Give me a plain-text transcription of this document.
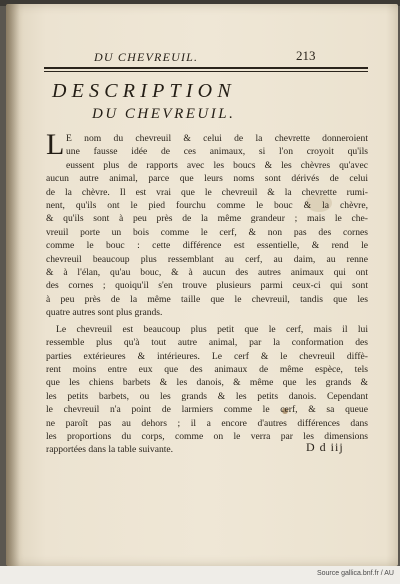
DU CHEVREUIL.	213
DESCRIPTION
DU CHEVREUIL.
L E nom du chevreuil & celui de la chevrette donneroient
une fausse idée de ces animaux, si l'on croyoit qu'ils
eussent plus de rapports avec les boucs & les chèvres qu'avec
aucun autre animal, parce que leurs noms sont dérivés de celui
de la chèvre. Il est vrai que le chevreuil & la chevrette rumi-
nent, qu'ils ont le pied fourchu comme le bouc & la chèvre,
& qu'ils sont à peu près de la même grandeur ; mais le che-
vreuil porte un bois comme le cerf, & non pas des cornes
comme le bouc : cette différence est essentielle, & rend le
chevreuil beaucoup plus ressemblant au cerf, au daim, au renne
& à l'élan, qu'au bouc, & à aucun des autres animaux qui ont
des cornes ; quoiqu'il s'en trouve plusieurs parmi ceux-ci qui sont
à peu près de la même taille que le chevreuil, tandis que les
quatre autres sont plus grands.
Le chevreuil est beaucoup plus petit que le cerf, mais il lui
ressemble plus qu'à tout autre animal, par la conformation des
parties extérieures & intérieures. Le cerf & le chevreuil diffè-
rent moins entre eux que des animaux de même espèce, tels
que les chiens barbets & les danois, & même que les grands &
les petits barbets, ou les grands & les petits danois. Cependant
le chevreuil n'a point de larmiers comme le cerf, & sa queue
ne paroît pas au dehors ; il a encore d'autres différences dans
les proportions du corps, comme on le verra par les dimensions
rapportées dans la table suivante.	D d iij
Source gallica.bnf.fr / AU
